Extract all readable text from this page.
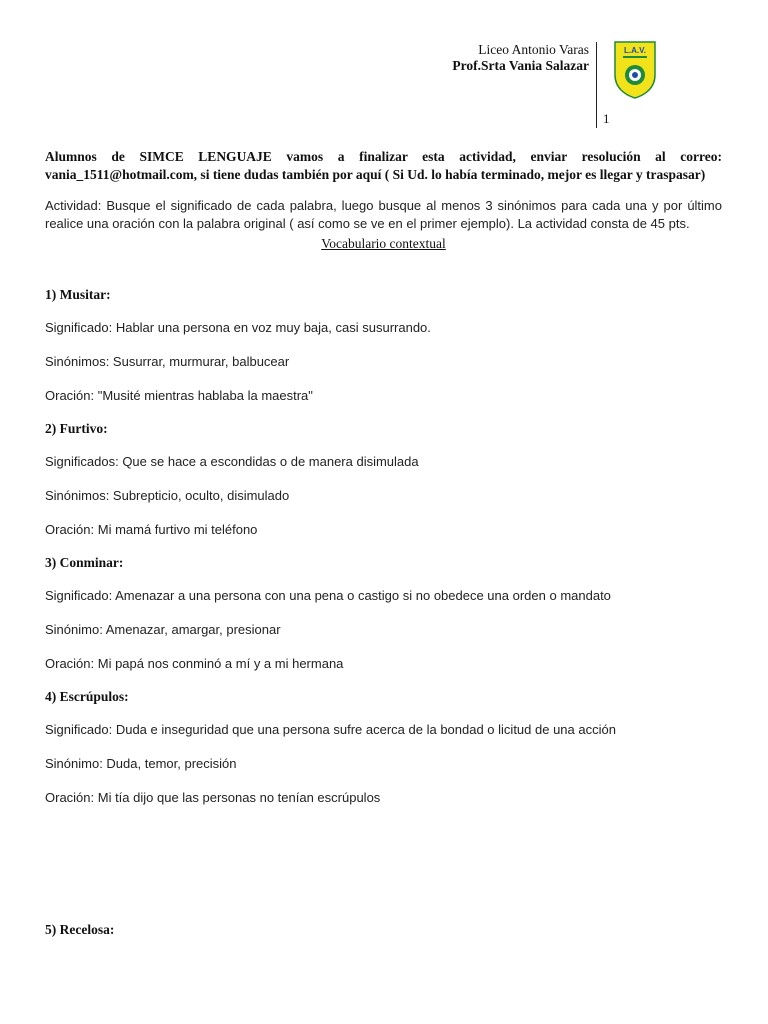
Liceo Antonio Varas
Prof.Srta Vania Salazar
1
L.A.V.

Alumnos de SIMCE LENGUAJE vamos a finalizar esta actividad, enviar resolución al correo: vania_1511@hotmail.com, si tiene dudas también por aquí ( Si Ud. lo había terminado, mejor es llegar y traspasar)

Actividad: Busque el significado de cada palabra, luego busque al menos 3 sinónimos para cada una y por último realice una oración con la palabra original ( así como se ve en el primer ejemplo). La actividad consta de 45 pts.

Vocabulario contextual

1) Musitar:

Significado: Hablar una persona en voz muy baja, casi susurrando.

Sinónimos: Susurrar, murmurar, balbucear

Oración: "Musité mientras hablaba la maestra"

2) Furtivo:

Significados: Que se hace a escondidas o de manera disimulada

Sinónimos: Subrepticio, oculto, disimulado

Oración: Mi mamá furtivo mi teléfono

3) Conminar:

Significado: Amenazar a una persona con una pena o castigo si no obedece una orden o mandato

Sinónimo: Amenazar, amargar, presionar

Oración: Mi papá nos conminó a mí y a mi hermana

4) Escrúpulos:

Significado: Duda e inseguridad que una persona sufre acerca de la bondad o licitud de una acción

Sinónimo: Duda, temor, precisión

Oración: Mi tía dijo que las personas no tenían escrúpulos

5) Recelosa:
